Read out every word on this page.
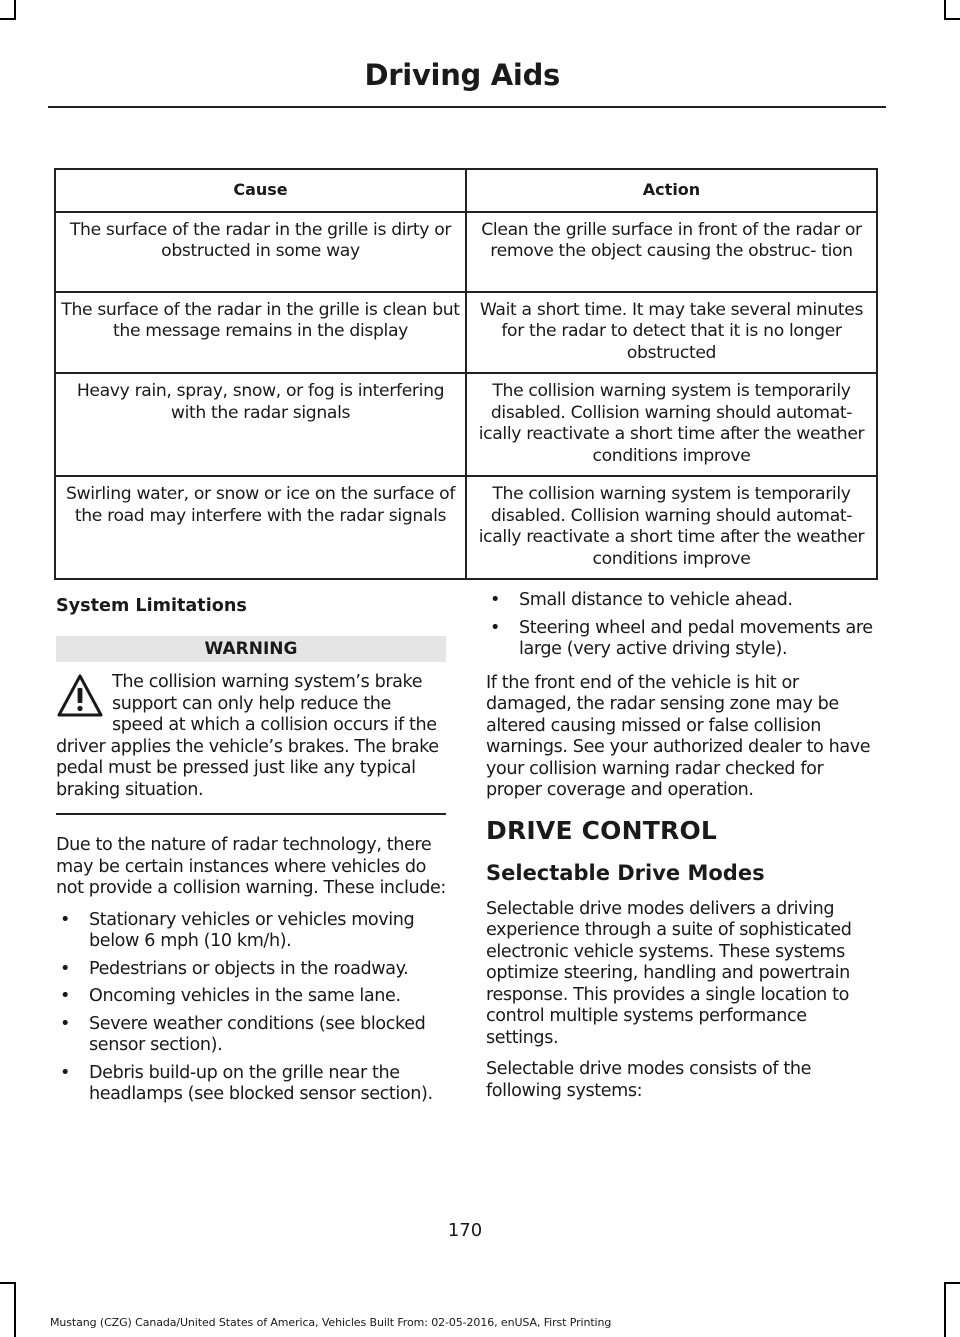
Driving Aids
Cause	Action
The surface of the radar in the grille is dirty or obstructed in some way	Clean the grille surface in front of the radar or remove the object causing the obstruc- tion
The surface of the radar in the grille is clean but the message remains in the display	Wait a short time. It may take several minutes for the radar to detect that it is no longer obstructed
Heavy rain, spray, snow, or fog is interfering with the radar signals	The collision warning system is temporarily disabled. Collision warning should automat- ically reactivate a short time after the weather conditions improve
Swirling water, or snow or ice on the surface of the road may interfere with the radar signals	The collision warning system is temporarily disabled. Collision warning should automat- ically reactivate a short time after the weather conditions improve
System Limitations
WARNING
The collision warning system’s brake support can only help reduce the speed at which a collision occurs if the driver applies the vehicle’s brakes. The brake pedal must be pressed just like any typical braking situation.

Due to the nature of radar technology, there may be certain instances where vehicles do not provide a collision warning. These include:

• Stationary vehicles or vehicles moving below 6 mph (10 km/h).
• Pedestrians or objects in the roadway.
• Oncoming vehicles in the same lane.
• Severe weather conditions (see blocked sensor section).
• Debris build-up on the grille near the headlamps (see blocked sensor section).
• Small distance to vehicle ahead.
• Steering wheel and pedal movements are large (very active driving style).

If the front end of the vehicle is hit or damaged, the radar sensing zone may be altered causing missed or false collision warnings. See your authorized dealer to have your collision warning radar checked for proper coverage and operation.

DRIVE CONTROL
Selectable Drive Modes

Selectable drive modes delivers a driving experience through a suite of sophisticated electronic vehicle systems. These systems optimize steering, handling and powertrain response. This provides a single location to control multiple systems performance settings.

Selectable drive modes consists of the following systems:

170
Mustang (CZG) Canada/United States of America, Vehicles Built From: 02-05-2016, enUSA, First Printing
